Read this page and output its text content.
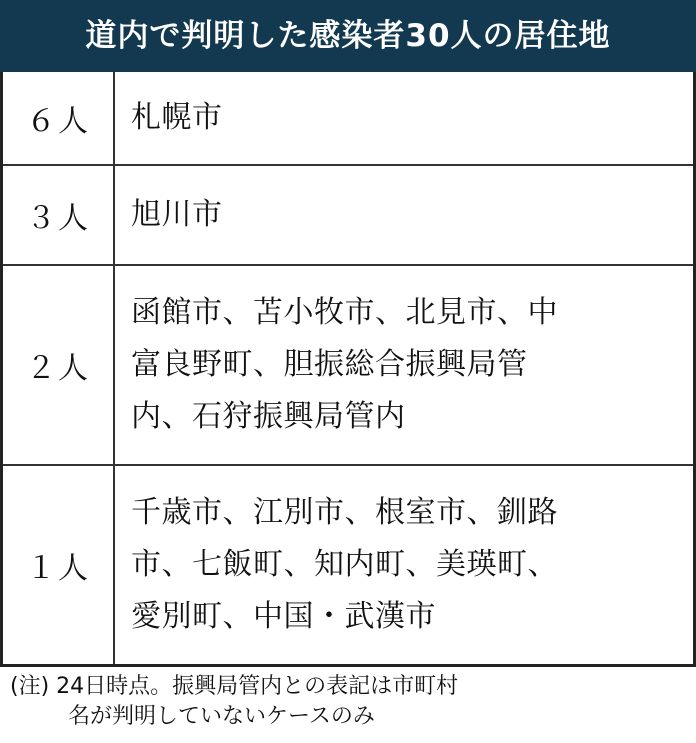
道内で判明した感染者30人の居住地
６人	札幌市
３人	旭川市
２人
函館市、苫小牧市、北見市、中
富良野町、胆振総合振興局管
内、石狩振興局管内
１人
千歳市、江別市、根室市、釧路
市、七飯町、知内町、美瑛町、
愛別町、中国・武漢市
(注) 24日時点。振興局管内との表記は市町村
名が判明していないケースのみ
